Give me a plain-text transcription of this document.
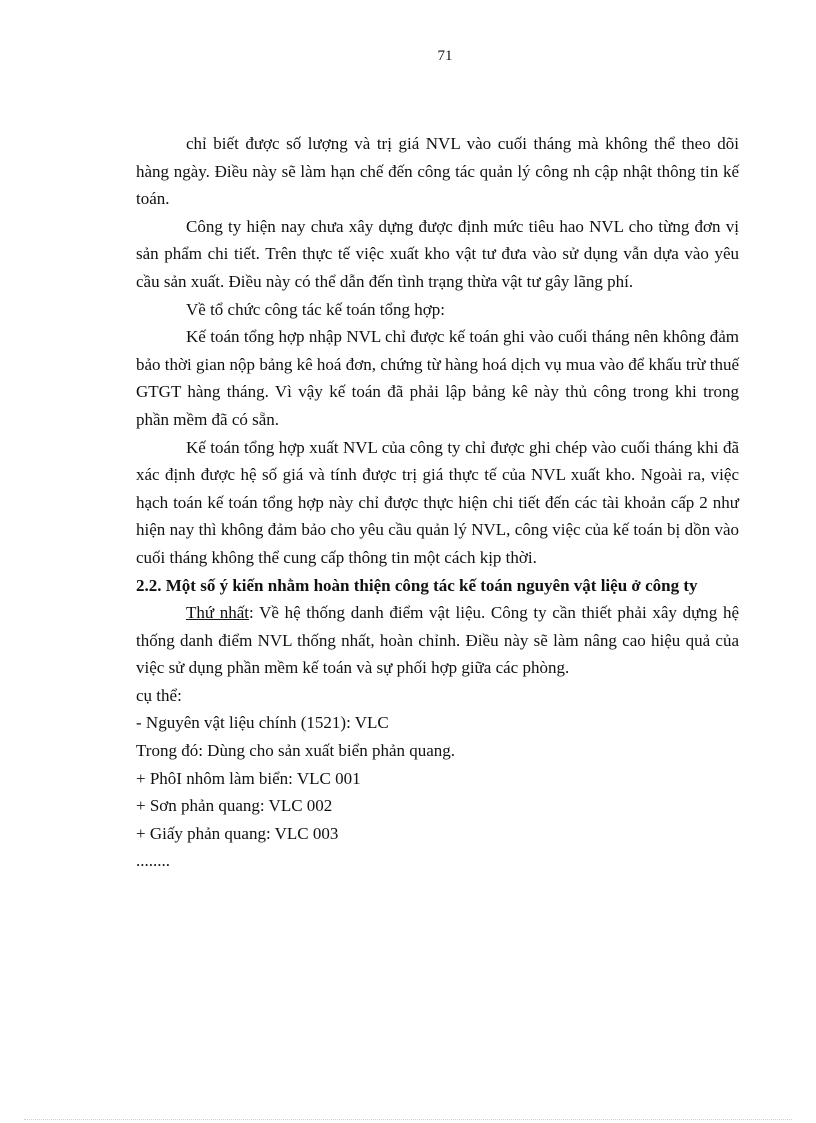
71

chỉ biết được số lượng và trị giá NVL vào cuối tháng mà không thể theo dõi hàng ngày. Điều này sẽ làm hạn chế đến công tác quản lý công nh cập nhật thông tin kế toán.

Công ty hiện nay chưa xây dựng được định mức tiêu hao NVL cho từng đơn vị sản phẩm chi tiết. Trên thực tế việc xuất kho vật tư đưa vào sử dụng vẫn dựa vào yêu cầu sản xuất. Điều này có thể dẫn đến tình trạng thừa vật tư gây lãng phí.

Về tổ chức công tác kế toán tổng hợp:

Kế toán tổng hợp nhập NVL chỉ được kế toán ghi vào cuối tháng nên không đảm bảo thời gian nộp bảng kê hoá đơn, chứng từ hàng hoá dịch vụ mua vào để khấu trừ thuế GTGT hàng tháng. Vì vậy kế toán đã phải lập bảng kê này thủ công trong khi trong phần mềm đã có sẵn.

Kế toán tổng hợp xuất NVL của công ty chỉ được ghi chép vào cuối tháng khi đã xác định được hệ số giá và tính được trị giá thực tế của NVL xuất kho. Ngoài ra, việc hạch toán kế toán tổng hợp này chỉ được thực hiện chi tiết đến các tài khoản cấp 2 như hiện nay thì không đảm bảo cho yêu cầu quản lý NVL, công việc của kế toán bị dồn vào cuối tháng không thể cung cấp thông tin một cách kịp thời.

2.2. Một số ý kiến nhằm hoàn thiện công tác kế toán nguyên vật liệu ở công ty

Thứ nhất: Về hệ thống danh điểm vật liệu. Công ty cần thiết phải xây dựng hệ thống danh điểm NVL thống nhất, hoàn chỉnh. Điều này sẽ làm nâng cao hiệu quả của việc sử dụng phần mềm kế toán và sự phối hợp giữa các phòng.

cụ thể:

- Nguyên vật liệu chính (1521): VLC

Trong đó: Dùng cho sản xuất biển phản quang.

+ PhôI nhôm làm biển: VLC 001

+ Sơn phản quang: VLC 002

+ Giấy phản quang: VLC 003

........
